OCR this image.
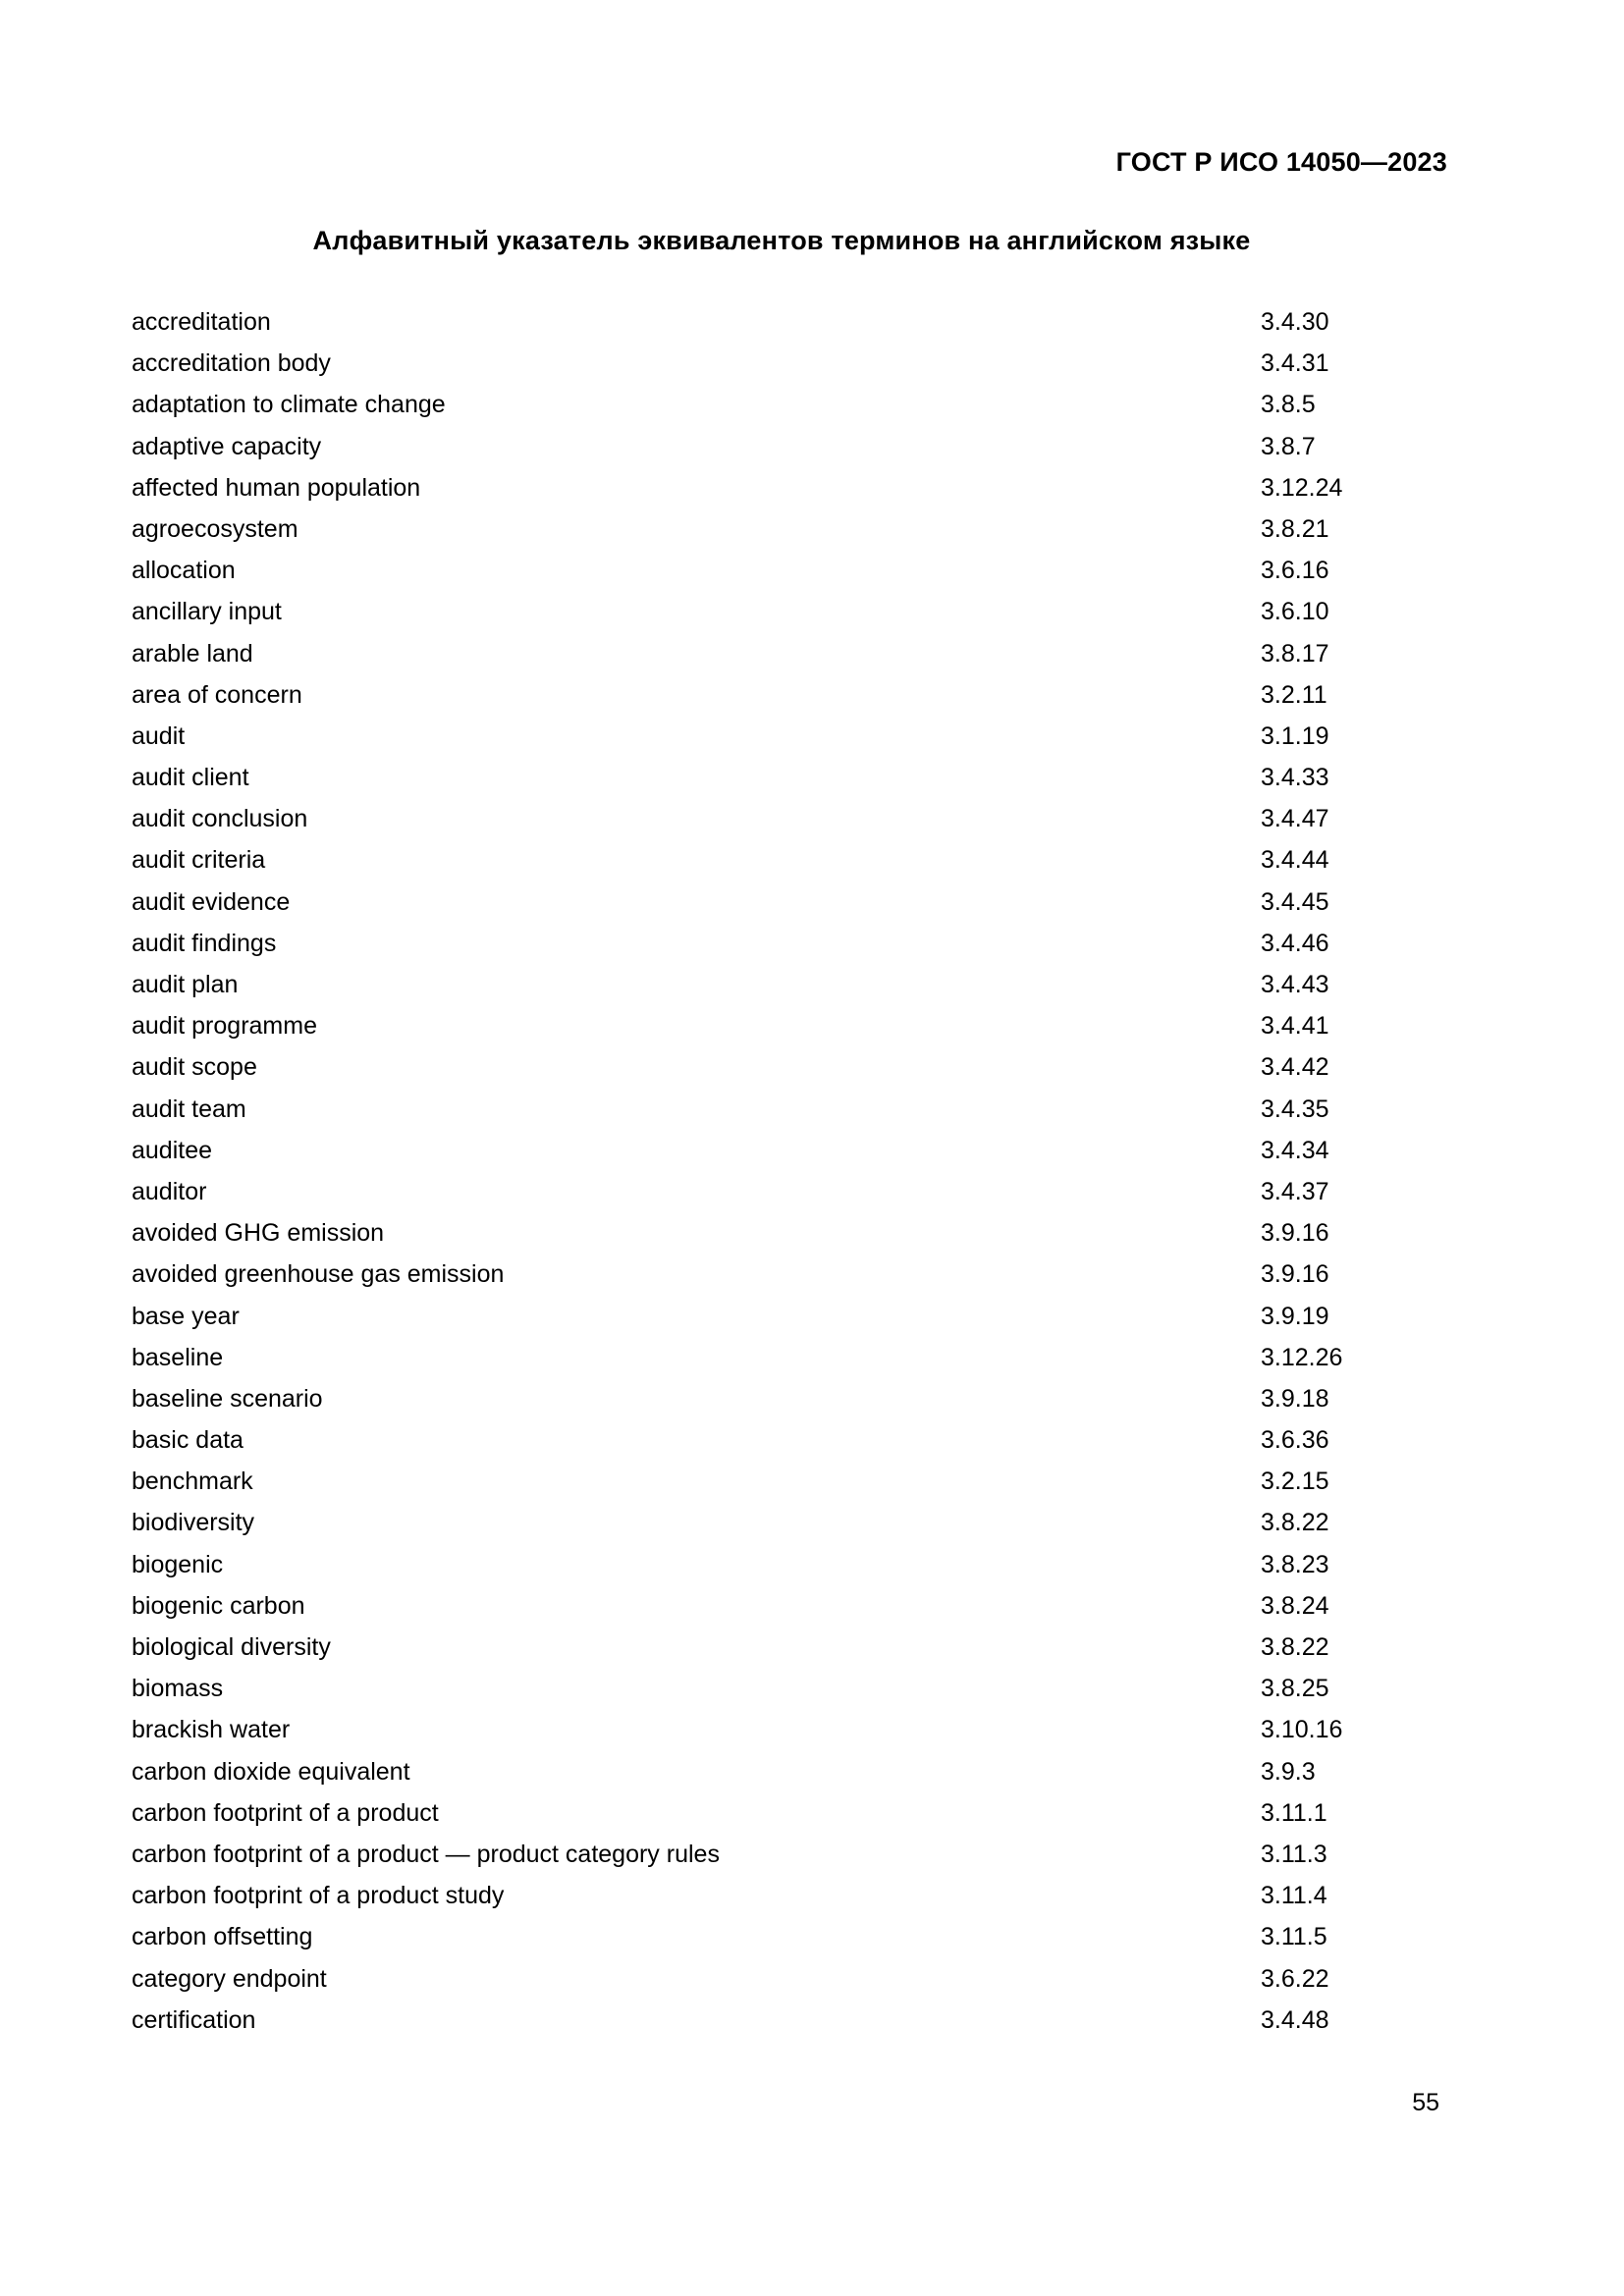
ГОСТ Р ИСО 14050—2023
Алфавитный указатель эквивалентов терминов на английском языке
accreditation	3.4.30
accreditation body	3.4.31
adaptation to climate change	3.8.5
adaptive capacity	3.8.7
affected human population	3.12.24
agroecosystem	3.8.21
allocation	3.6.16
ancillary input	3.6.10
arable land	3.8.17
area of concern	3.2.11
audit	3.1.19
audit client	3.4.33
audit conclusion	3.4.47
audit criteria	3.4.44
audit evidence	3.4.45
audit findings	3.4.46
audit plan	3.4.43
audit programme	3.4.41
audit scope	3.4.42
audit team	3.4.35
auditee	3.4.34
auditor	3.4.37
avoided GHG emission	3.9.16
avoided greenhouse gas emission	3.9.16
base year	3.9.19
baseline	3.12.26
baseline scenario	3.9.18
basic data	3.6.36
benchmark	3.2.15
biodiversity	3.8.22
biogenic	3.8.23
biogenic carbon	3.8.24
biological diversity	3.8.22
biomass	3.8.25
brackish water	3.10.16
carbon dioxide equivalent	3.9.3
carbon footprint of a product	3.11.1
carbon footprint of a product — product category rules	3.11.3
carbon footprint of a product study	3.11.4
carbon offsetting	3.11.5
category endpoint	3.6.22
certification	3.4.48
55
